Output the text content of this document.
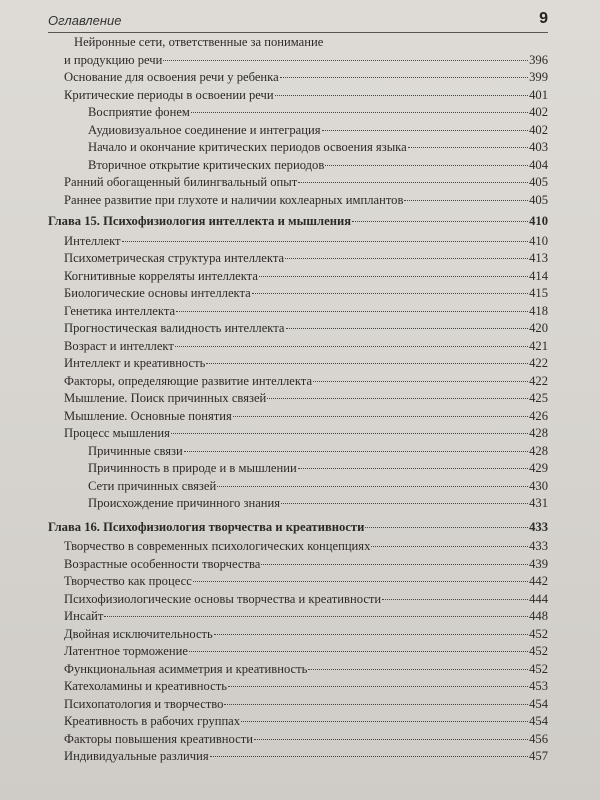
Оглавление	9
Нейронные сети, ответственные за понимание
и продукцию речи	396
Основание для освоения речи у ребенка	399
Критические периоды в освоении речи	401
Восприятие фонем	402
Аудиовизуальное соединение и интеграция	402
Начало и окончание критических периодов освоения языка	403
Вторичное открытие критических периодов	404
Ранний обогащенный билингвальный опыт	405
Раннее развитие при глухоте и наличии кохлеарных имплантов	405
Глава 15. Психофизиология интеллекта и мышления	410
Интеллект	410
Психометрическая структура интеллекта	413
Когнитивные корреляты интеллекта	414
Биологические основы интеллекта	415
Генетика интеллекта	418
Прогностическая валидность интеллекта	420
Возраст и интеллект	421
Интеллект и креативность	422
Факторы, определяющие развитие интеллекта	422
Мышление. Поиск причинных связей	425
Мышление. Основные понятия	426
Процесс мышления	428
Причинные связи	428
Причинность в природе и в мышлении	429
Сети причинных связей	430
Происхождение причинного знания	431
Глава 16. Психофизиология творчества и креативности	433
Творчество в современных психологических концепциях	433
Возрастные особенности творчества	439
Творчество как процесс	442
Психофизиологические основы творчества и креативности	444
Инсайт	448
Двойная исключительность	452
Латентное торможение	452
Функциональная асимметрия и креативность	452
Катехоламины и креативность	453
Психопатология и творчество	454
Креативность в рабочих группах	454
Факторы повышения креативности	456
Индивидуальные различия	457
